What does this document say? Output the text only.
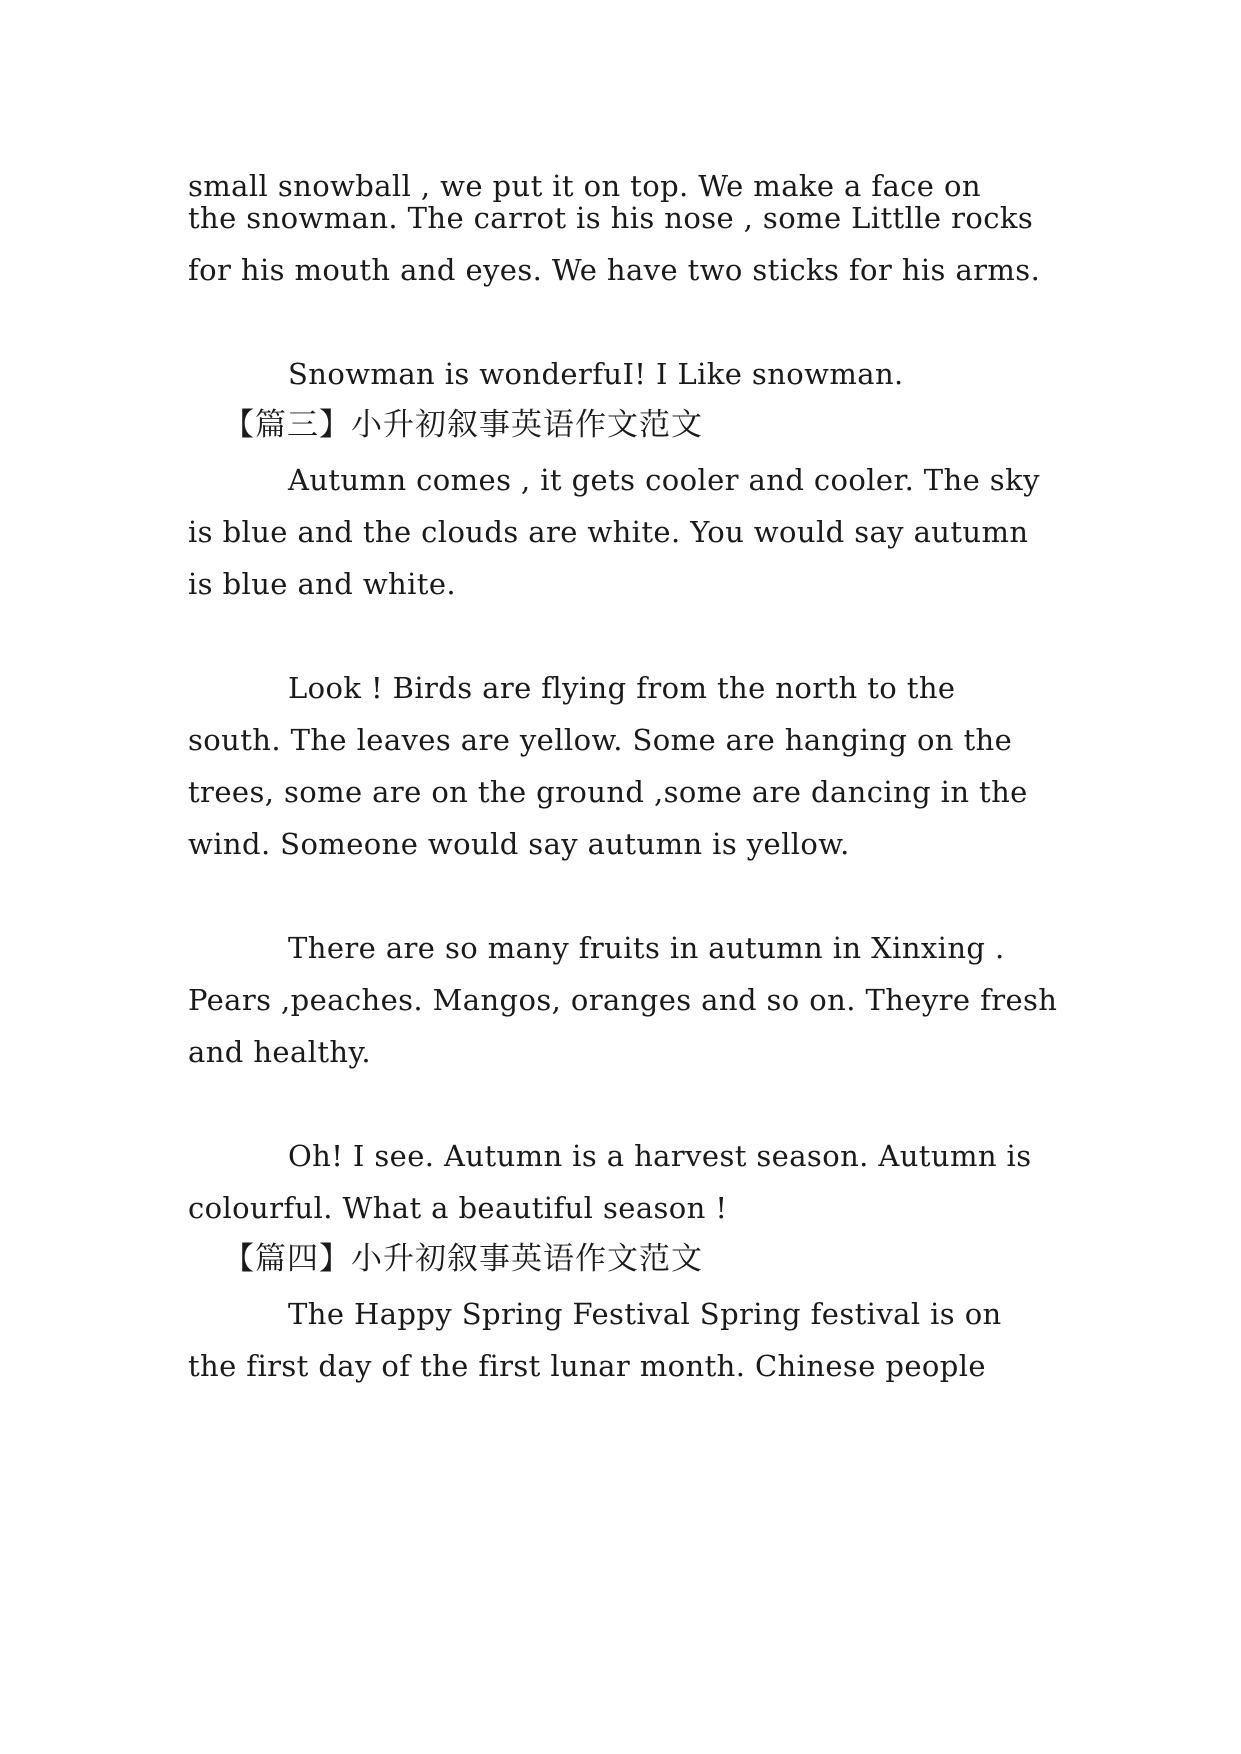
small snowball , we put it on top. We make a face on
the snowman. The carrot is his nose , some Littlle rocks
for his mouth and eyes. We have two sticks for his arms.
Snowman is wonderfuI! I Like snowman.
【篇三】小升初叙事英语作文范文
Autumn comes , it gets cooler and cooler. The sky
is blue and the clouds are white. You would say autumn
is blue and white.
Look ! Birds are flying from the north to the
south. The leaves are yellow. Some are hanging on the
trees, some are on the ground ,some are dancing in the
wind. Someone would say autumn is yellow.
There are so many fruits in autumn in Xinxing .
Pears ,peaches. Mangos, oranges and so on. Theyre fresh
and healthy.
Oh! I see. Autumn is a harvest season. Autumn is
colourful. What a beautiful season !
【篇四】小升初叙事英语作文范文
The Happy Spring Festival Spring festival is on
the first day of the first lunar month. Chinese people
